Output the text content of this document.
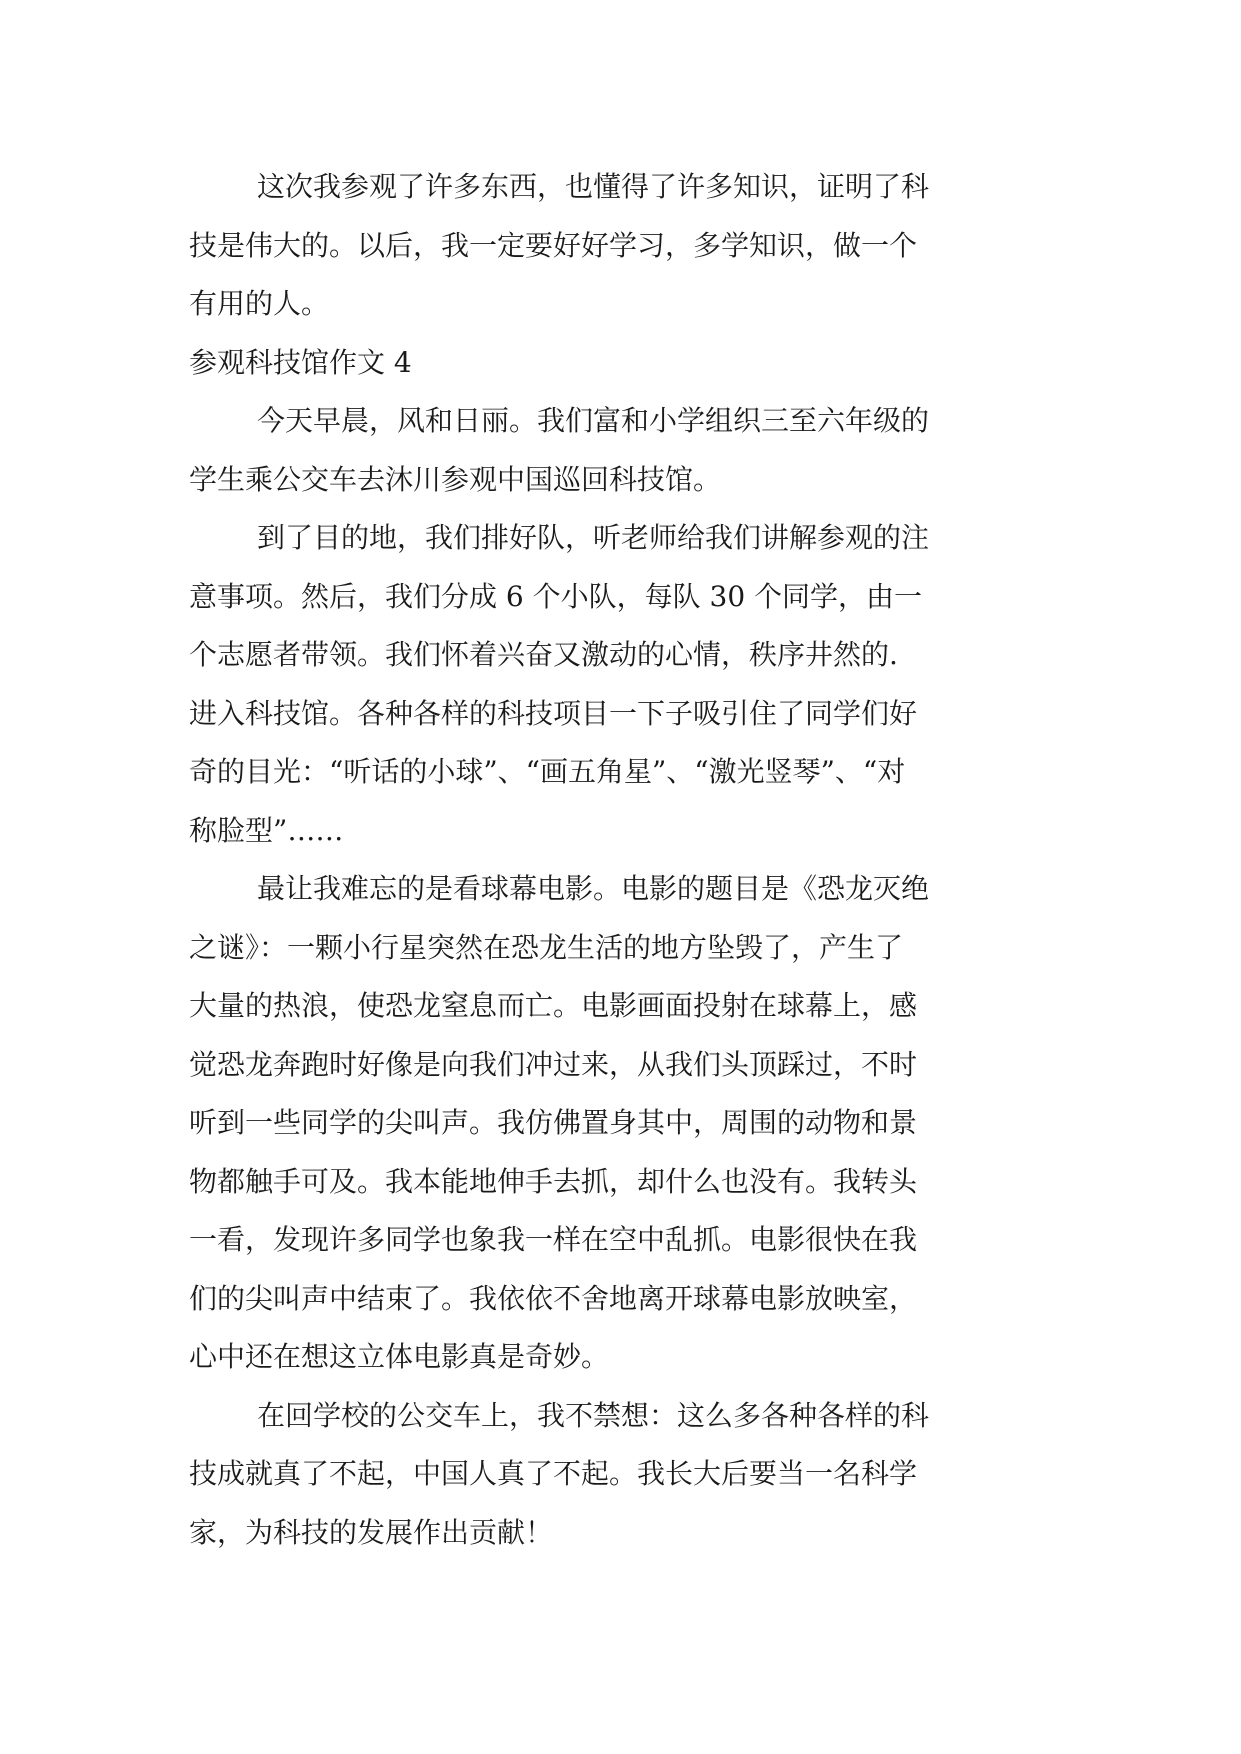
这次我参观了许多东西，也懂得了许多知识，证明了科
技是伟大的。以后，我一定要好好学习，多学知识，做一个
有用的人。
参观科技馆作文 4
今天早晨，风和日丽。我们富和小学组织三至六年级的
学生乘公交车去沐川参观中国巡回科技馆。
到了目的地，我们排好队，听老师给我们讲解参观的注
意事项。然后，我们分成 6 个小队，每队 30 个同学，由一
个志愿者带领。我们怀着兴奋又激动的心情，秩序井然的.
进入科技馆。各种各样的科技项目一下子吸引住了同学们好
奇的目光：“听话的小球”、“画五角星”、“激光竖琴”、“对
称脸型”……
最让我难忘的是看球幕电影。电影的题目是《恐龙灭绝
之谜》：一颗小行星突然在恐龙生活的地方坠毁了，产生了
大量的热浪，使恐龙窒息而亡。电影画面投射在球幕上，感
觉恐龙奔跑时好像是向我们冲过来，从我们头顶踩过，不时
听到一些同学的尖叫声。我仿佛置身其中，周围的动物和景
物都触手可及。我本能地伸手去抓，却什么也没有。我转头
一看，发现许多同学也象我一样在空中乱抓。电影很快在我
们的尖叫声中结束了。我依依不舍地离开球幕电影放映室，
心中还在想这立体电影真是奇妙。
在回学校的公交车上，我不禁想：这么多各种各样的科
技成就真了不起，中国人真了不起。我长大后要当一名科学
家，为科技的发展作出贡献！
